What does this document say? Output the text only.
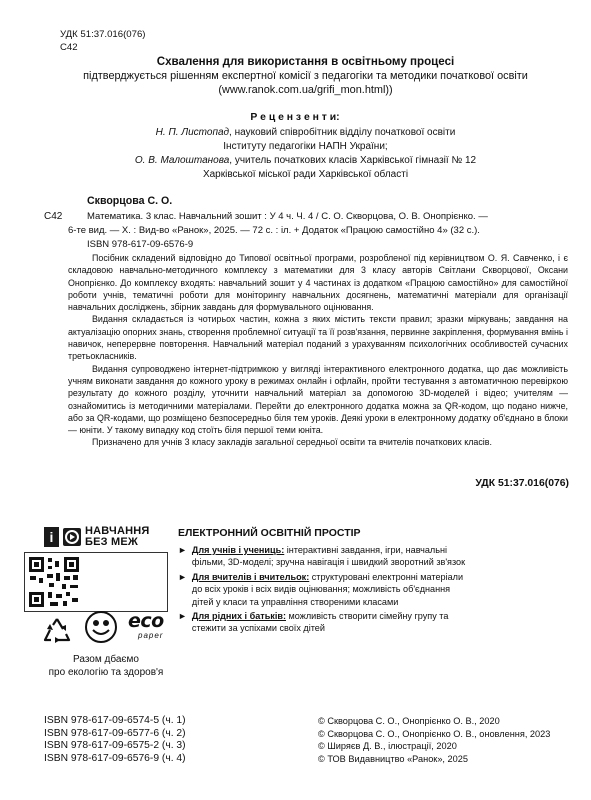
УДК 51:37.016(076)
С42
Схвалення для використання в освітньому процесі
підтверджується рішенням експертної комісії з педагогіки та методики початкової освіти
(www.ranok.com.ua/grifi_mon.html))
Р е ц е н з е н т и:
Н. П. Листопад, науковий співробітник відділу початкової освіти
Інституту педагогіки НАПН України;
О. В. Малоштанова, учитель початкових класів Харківської гімназії № 12
Харківської міської ради Харківської області
Скворцова С. О.
С42	Математика. 3 клас. Навчальний зошит : У 4 ч. Ч. 4 / С. О. Скворцова, О. В. Онопрієнко. —
6-те вид. — Х. : Вид-во «Ранок», 2025. — 72 с. : іл. + Додаток «Працюю самостійно 4» (32 с.).
ISBN 978-617-09-6576-9

Посібник складений відповідно до Типової освітньої програми, розробленої під керівництвом О. Я. Савченко, і є складовою навчально-методичного комплексу з математики для 3 класу авторів Світлани Скворцової, Оксани Онопрієнко. До комплексу входять: навчальний зошит у 4 частинах із додатком «Працюю самостійно» для самостійної роботи учнів, тематичні роботи для моніторингу навчальних досягнень, математичні матеріали для організації навчальних досліджень, збірник завдань для формувального оцінювання.

Видання складається із чотирьох частин, кожна з яких містить тексти правил; зразки міркувань; завдання на актуалізацію опорних знань, створення проблемної ситуації та її розв'язання, первинне закріплення, формування вмінь і навичок, неперервне повторення. Навчальний матеріал поданий з урахуванням психологічних особливостей сучасних третьокласників.

Видання супроводжено інтернет-підтримкою у вигляді інтерактивного електронного додатка, що дає можливість учням виконати завдання до кожного уроку в режимах онлайн і офлайн, пройти тестування з автоматичною перевіркою результату до кожного розділу, уточнити навчальний матеріал за допомогою 3D-моделей і відео; учителям — ознайомитись із методичними матеріалами. Перейти до електронного додатка можна за QR-кодом, що подано нижче, або за QR-кодами, що розміщено безпосередньо біля тем уроків. Деякі уроки в електронному додатку об'єднано в блоки — юніти. У такому випадку код стоїть біля першої теми юніта.

Призначено для учнів 3 класу закладів загальної середньої освіти та вчителів початкових класів.

УДК 51:37.016(076)
i	НАВЧАННЯ
БЕЗ МЕЖ
eco
paper
Разом дбаємо
про екологію та здоров'я
ЕЛЕКТРОННИЙ ОСВІТНІЙ ПРОСТІР
► Для учнів і учениць: інтерактивні завдання, ігри, навчальні фільми, 3D-моделі; зручна навігація і швидкий зворотний зв'язок
► Для вчителів і вчительок: структуровані електронні матеріали до всіх уроків і всіх видів оцінювання; можливість об'єднання дітей у класи та управління створеними класами
► Для рідних і батьків: можливість створити сімейну групу та стежити за успіхами своїх дітей
ISBN 978-617-09-6574-5 (ч. 1)
ISBN 978-617-09-6577-6 (ч. 2)
ISBN 978-617-09-6575-2 (ч. 3)
ISBN 978-617-09-6576-9 (ч. 4)
© Скворцова С. О., Онопрієнко О. В., 2020
© Скворцова С. О., Онопрієнко О. В., оновлення, 2023
© Ширяєв Д. В., ілюстрації, 2020
© ТОВ Видавництво «Ранок», 2025
